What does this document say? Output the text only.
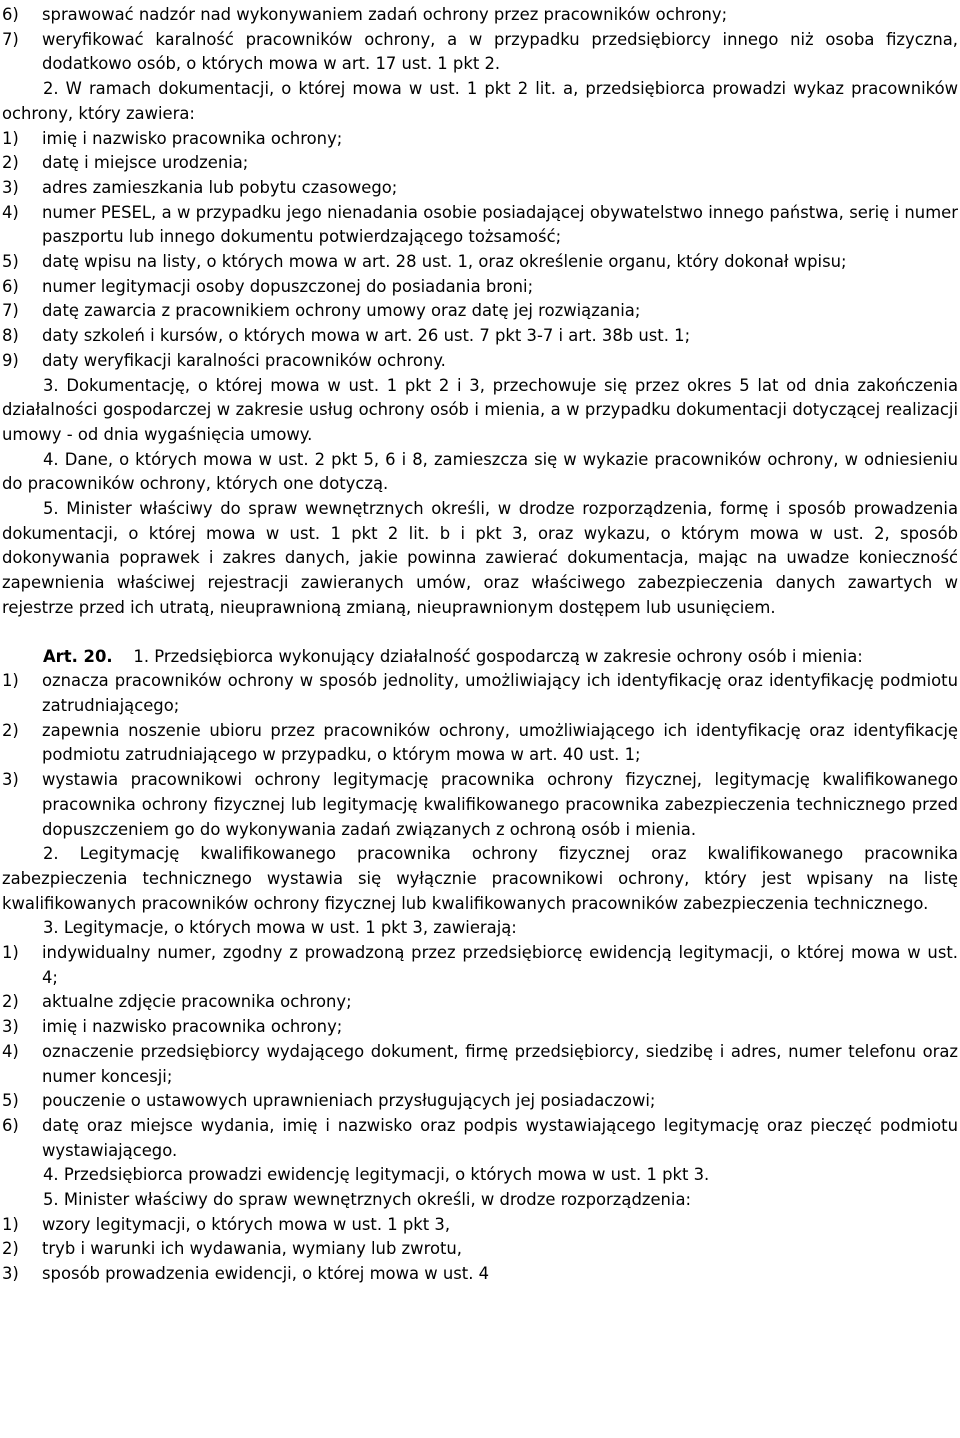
6)	sprawować nadzór nad wykonywaniem zadań ochrony przez pracowników ochrony;
7)	weryfikować karalność pracowników ochrony, a w przypadku przedsiębiorcy innego niż osoba fizyczna, dodatkowo osób, o których mowa w art. 17 ust. 1 pkt 2.

2. W ramach dokumentacji, o której mowa w ust. 1 pkt 2 lit. a, przedsiębiorca prowadzi wykaz pracowników ochrony, który zawiera:

1)	imię i nazwisko pracownika ochrony;
2)	datę i miejsce urodzenia;
3)	adres zamieszkania lub pobytu czasowego;
4)	numer PESEL, a w przypadku jego nienadania osobie posiadającej obywatelstwo innego państwa, serię i numer paszportu lub innego dokumentu potwierdzającego tożsamość;
5)	datę wpisu na listy, o których mowa w art. 28 ust. 1, oraz określenie organu, który dokonał wpisu;
6)	numer legitymacji osoby dopuszczonej do posiadania broni;
7)	datę zawarcia z pracownikiem ochrony umowy oraz datę jej rozwiązania;
8)	daty szkoleń i kursów, o których mowa w art. 26 ust. 7 pkt 3-7 i art. 38b ust. 1;
9)	daty weryfikacji karalności pracowników ochrony.

3. Dokumentację, o której mowa w ust. 1 pkt 2 i 3, przechowuje się przez okres 5 lat od dnia zakończenia działalności gospodarczej w zakresie usług ochrony osób i mienia, a w przypadku dokumentacji dotyczącej realizacji umowy - od dnia wygaśnięcia umowy.

4. Dane, o których mowa w ust. 2 pkt 5, 6 i 8, zamieszcza się w wykazie pracowników ochrony, w odniesieniu do pracowników ochrony, których one dotyczą.

5. Minister właściwy do spraw wewnętrznych określi, w drodze rozporządzenia, formę i sposób prowadzenia dokumentacji, o której mowa w ust. 1 pkt 2 lit. b i pkt 3, oraz wykazu, o którym mowa w ust. 2, sposób dokonywania poprawek i zakres danych, jakie powinna zawierać dokumentacja, mając na uwadze konieczność zapewnienia właściwej rejestracji zawieranych umów, oraz właściwego zabezpieczenia danych zawartych w rejestrze przed ich utratą, nieuprawnioną zmianą, nieuprawnionym dostępem lub usunięciem.

Art. 20. 1. Przedsiębiorca wykonujący działalność gospodarczą w zakresie ochrony osób i mienia:

1)	oznacza pracowników ochrony w sposób jednolity, umożliwiający ich identyfikację oraz identyfikację podmiotu zatrudniającego;
2)	zapewnia noszenie ubioru przez pracowników ochrony, umożliwiającego ich identyfikację oraz identyfikację podmiotu zatrudniającego w przypadku, o którym mowa w art. 40 ust. 1;
3)	wystawia pracownikowi ochrony legitymację pracownika ochrony fizycznej, legitymację kwalifikowanego pracownika ochrony fizycznej lub legitymację kwalifikowanego pracownika zabezpieczenia technicznego przed dopuszczeniem go do wykonywania zadań związanych z ochroną osób i mienia.

2. Legitymację kwalifikowanego pracownika ochrony fizycznej oraz kwalifikowanego pracownika zabezpieczenia technicznego wystawia się wyłącznie pracownikowi ochrony, który jest wpisany na listę kwalifikowanych pracowników ochrony fizycznej lub kwalifikowanych pracowników zabezpieczenia technicznego.

3. Legitymacje, o których mowa w ust. 1 pkt 3, zawierają:

1)	indywidualny numer, zgodny z prowadzoną przez przedsiębiorcę ewidencją legitymacji, o której mowa w ust. 4;
2)	aktualne zdjęcie pracownika ochrony;
3)	imię i nazwisko pracownika ochrony;
4)	oznaczenie przedsiębiorcy wydającego dokument, firmę przedsiębiorcy, siedzibę i adres, numer telefonu oraz numer koncesji;
5)	pouczenie o ustawowych uprawnieniach przysługujących jej posiadaczowi;
6)	datę oraz miejsce wydania, imię i nazwisko oraz podpis wystawiającego legitymację oraz pieczęć podmiotu wystawiającego.

4. Przedsiębiorca prowadzi ewidencję legitymacji, o których mowa w ust. 1 pkt 3.

5. Minister właściwy do spraw wewnętrznych określi, w drodze rozporządzenia:

1)	wzory legitymacji, o których mowa w ust. 1 pkt 3,
2)	tryb i warunki ich wydawania, wymiany lub zwrotu,
3)	sposób prowadzenia ewidencji, o której mowa w ust. 4
